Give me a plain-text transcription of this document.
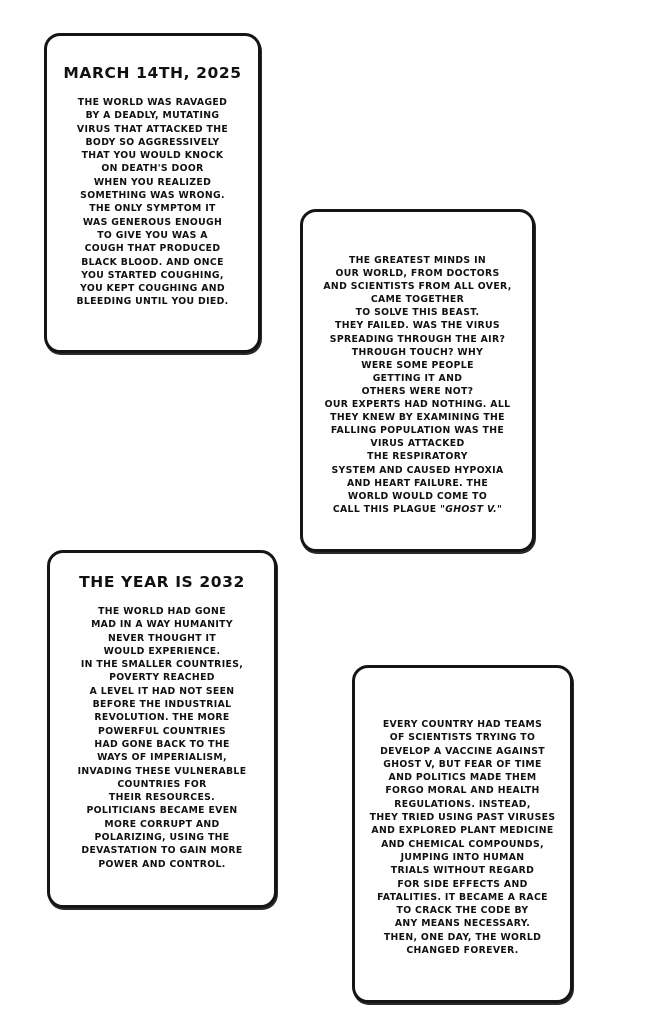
MARCH 14TH, 2025

THE WORLD WAS RAVAGED
BY A DEADLY, MUTATING
VIRUS THAT ATTACKED THE
BODY SO AGGRESSIVELY
THAT YOU WOULD KNOCK
ON DEATH'S DOOR
WHEN YOU REALIZED
SOMETHING WAS WRONG.
THE ONLY SYMPTOM IT
WAS GENEROUS ENOUGH
TO GIVE YOU WAS A
COUGH THAT PRODUCED
BLACK BLOOD. AND ONCE
YOU STARTED COUGHING,
YOU KEPT COUGHING AND
BLEEDING UNTIL YOU DIED.

THE GREATEST MINDS IN
OUR WORLD, FROM DOCTORS
AND SCIENTISTS FROM ALL OVER,
CAME TOGETHER
TO SOLVE THIS BEAST.
THEY FAILED. WAS THE VIRUS
SPREADING THROUGH THE AIR?
THROUGH TOUCH? WHY
WERE SOME PEOPLE
GETTING IT AND
OTHERS WERE NOT?
OUR EXPERTS HAD NOTHING. ALL
THEY KNEW BY EXAMINING THE
FALLING POPULATION WAS THE
VIRUS ATTACKED
THE RESPIRATORY
SYSTEM AND CAUSED HYPOXIA
AND HEART FAILURE. THE
WORLD WOULD COME TO
CALL THIS PLAGUE "GHOST V."

THE YEAR IS 2032

THE WORLD HAD GONE
MAD IN A WAY HUMANITY
NEVER THOUGHT IT
WOULD EXPERIENCE.
IN THE SMALLER COUNTRIES,
POVERTY REACHED
A LEVEL IT HAD NOT SEEN
BEFORE THE INDUSTRIAL
REVOLUTION. THE MORE
POWERFUL COUNTRIES
HAD GONE BACK TO THE
WAYS OF IMPERIALISM,
INVADING THESE VULNERABLE
COUNTRIES FOR
THEIR RESOURCES.
POLITICIANS BECAME EVEN
MORE CORRUPT AND
POLARIZING, USING THE
DEVASTATION TO GAIN MORE
POWER AND CONTROL.

EVERY COUNTRY HAD TEAMS
OF SCIENTISTS TRYING TO
DEVELOP A VACCINE AGAINST
GHOST V, BUT FEAR OF TIME
AND POLITICS MADE THEM
FORGO MORAL AND HEALTH
REGULATIONS. INSTEAD,
THEY TRIED USING PAST VIRUSES
AND EXPLORED PLANT MEDICINE
AND CHEMICAL COMPOUNDS,
JUMPING INTO HUMAN
TRIALS WITHOUT REGARD
FOR SIDE EFFECTS AND
FATALITIES. IT BECAME A RACE
TO CRACK THE CODE BY
ANY MEANS NECESSARY.
THEN, ONE DAY, THE WORLD
CHANGED FOREVER.
